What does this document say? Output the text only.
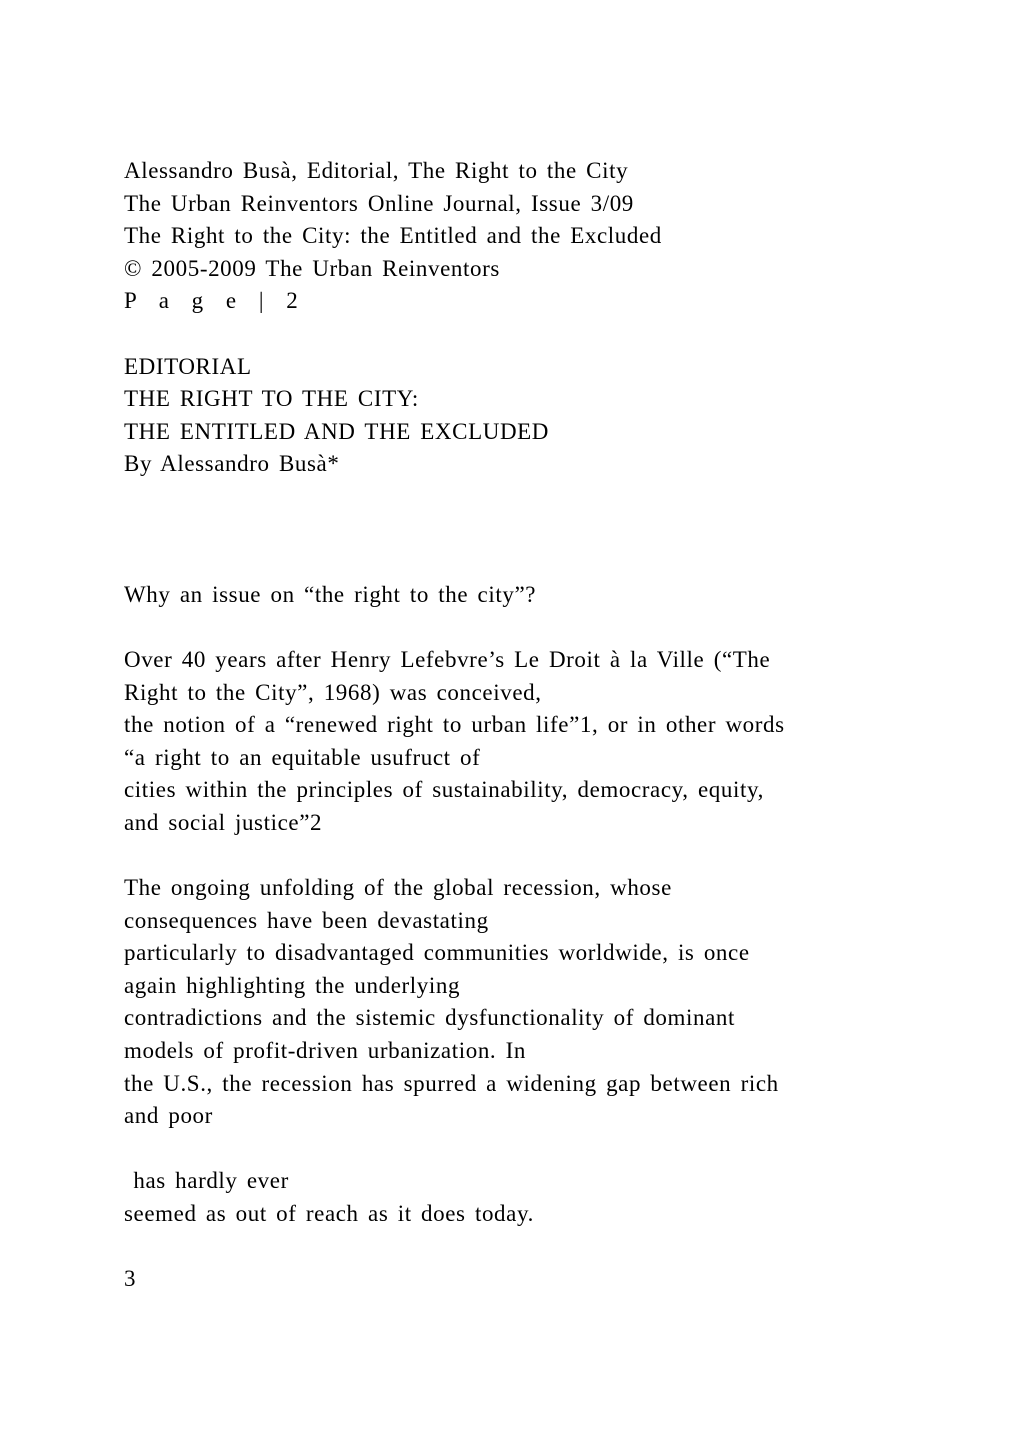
Alessandro Busà, Editorial, The Right to the City
The Urban Reinventors Online Journal, Issue 3/09
The Right to the City: the Entitled and the Excluded
© 2005-2009 The Urban Reinventors
P a g e | 2
EDITORIAL
THE RIGHT TO THE CITY:
THE ENTITLED AND THE EXCLUDED
By Alessandro Busà*
Why an issue on “the right to the city”?
Over 40 years after Henry Lefebvre’s Le Droit à la Ville (“The
Right to the City”, 1968) was conceived,
the notion of a “renewed right to urban life”1, or in other words
“a right to an equitable usufruct of
cities within the principles of sustainability, democracy, equity,
and social justice”2
The ongoing unfolding of the global recession, whose
consequences have been devastating
particularly to disadvantaged communities worldwide, is once
again highlighting the underlying
contradictions and the sistemic dysfunctionality of dominant
models of profit-driven urbanization. In
the U.S., the recession has spurred a widening gap between rich
and poor
has hardly ever
seemed as out of reach as it does today.
3
